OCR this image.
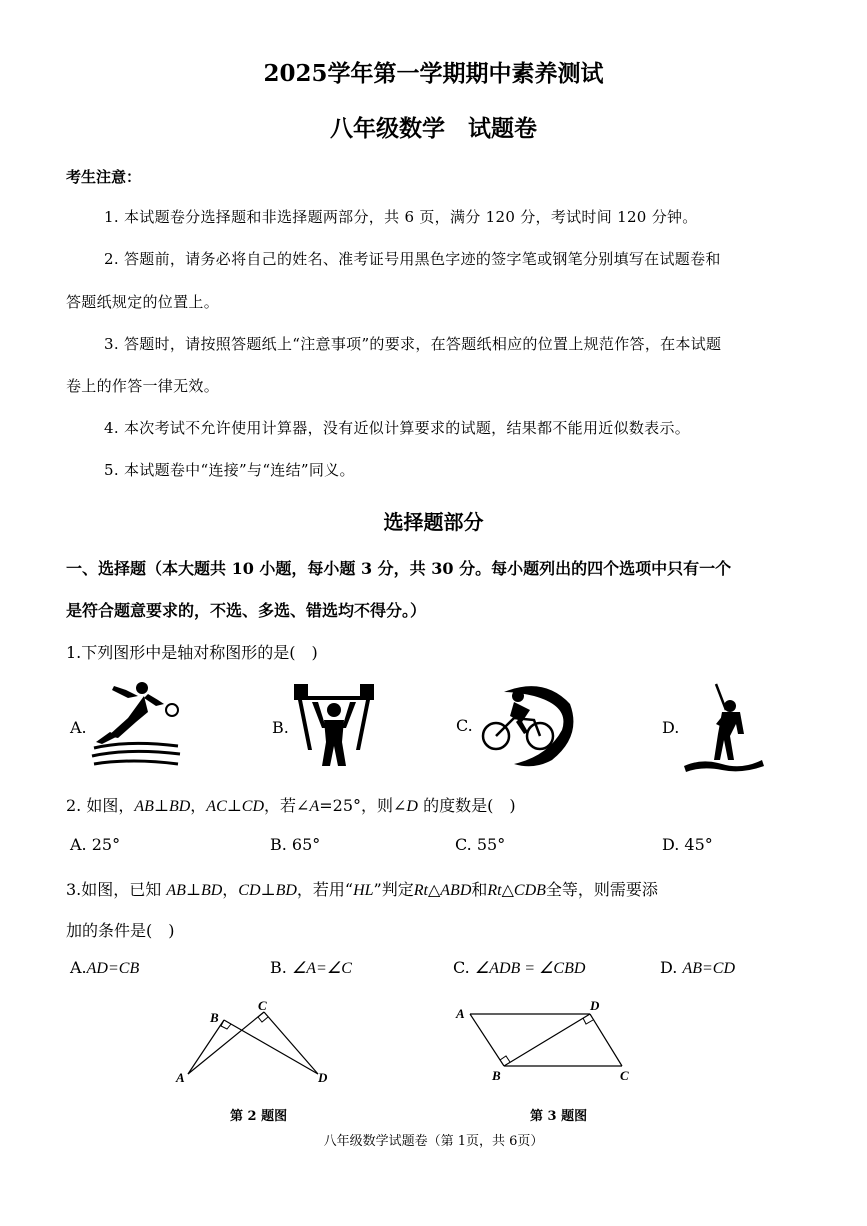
2025学年第一学期期中素养测试
八年级数学　试题卷
考生注意：
1. 本试题卷分选择题和非选择题两部分，共 6 页，满分 120 分，考试时间 120 分钟。
2. 答题前，请务必将自己的姓名、准考证号用黑色字迹的签字笔或钢笔分别填写在试题卷和
答题纸规定的位置上。
3. 答题时，请按照答题纸上“注意事项”的要求，在答题纸相应的位置上规范作答，在本试题
卷上的作答一律无效。
4. 本次考试不允许使用计算器，没有近似计算要求的试题，结果都不能用近似数表示。
5. 本试题卷中“连接”与“连结”同义。
选择题部分
一、选择题（本大题共 10 小题，每小题 3 分，共 30 分。每小题列出的四个选项中只有一个
是符合题意要求的，不选、多选、错选均不得分。）
1.下列图形中是轴对称图形的是(　)
A.	B.	C.	D.
2. 如图，AB⊥BD，AC⊥CD，若∠A=25°，则∠D 的度数是(　)
A. 25°	B. 65°	C. 55°	D. 45°
3.如图，已知 AB⊥BD，CD⊥BD，若用“HL”判定Rt△ABD和Rt△CDB全等，则需要添
加的条件是(　)
A.AD=CB	B. ∠A=∠C	C. ∠ADB = ∠CBD	D. AB=CD
A
B
C
D
A
B	C
D
第 2 题图	第 3 题图
八年级数学试题卷（第 1页，共 6页）
